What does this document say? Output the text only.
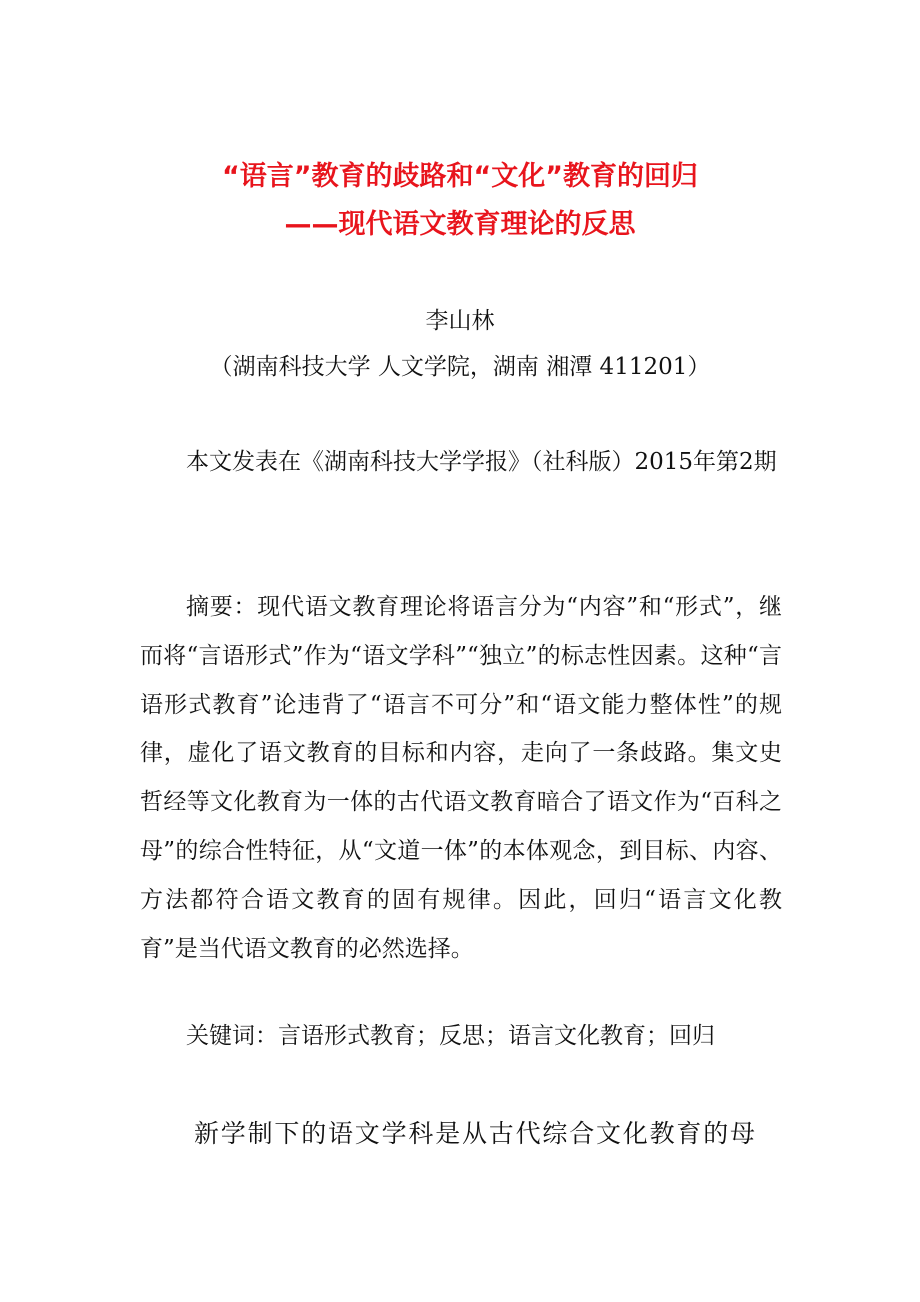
“语言”教育的歧路和“文化”教育的回归
——现代语文教育理论的反思
李山林
（湖南科技大学 人文学院，湖南 湘潭 411201）
本文发表在《湖南科技大学学报》（社科版）2015年第2期
摘要：现代语文教育理论将语言分为“内容”和“形式”，继而将“言语形式”作为“语文学科”“独立”的标志性因素。这种“言语形式教育”论违背了“语言不可分”和“语文能力整体性”的规律，虚化了语文教育的目标和内容，走向了一条歧路。集文史哲经等文化教育为一体的古代语文教育暗合了语文作为“百科之母”的综合性特征，从“文道一体”的本体观念，到目标、内容、方法都符合语文教育的固有规律。因此，回归“语言文化教育”是当代语文教育的必然选择。
关键词：言语形式教育；反思；语言文化教育；回归
新学制下的语文学科是从古代综合文化教育的母
